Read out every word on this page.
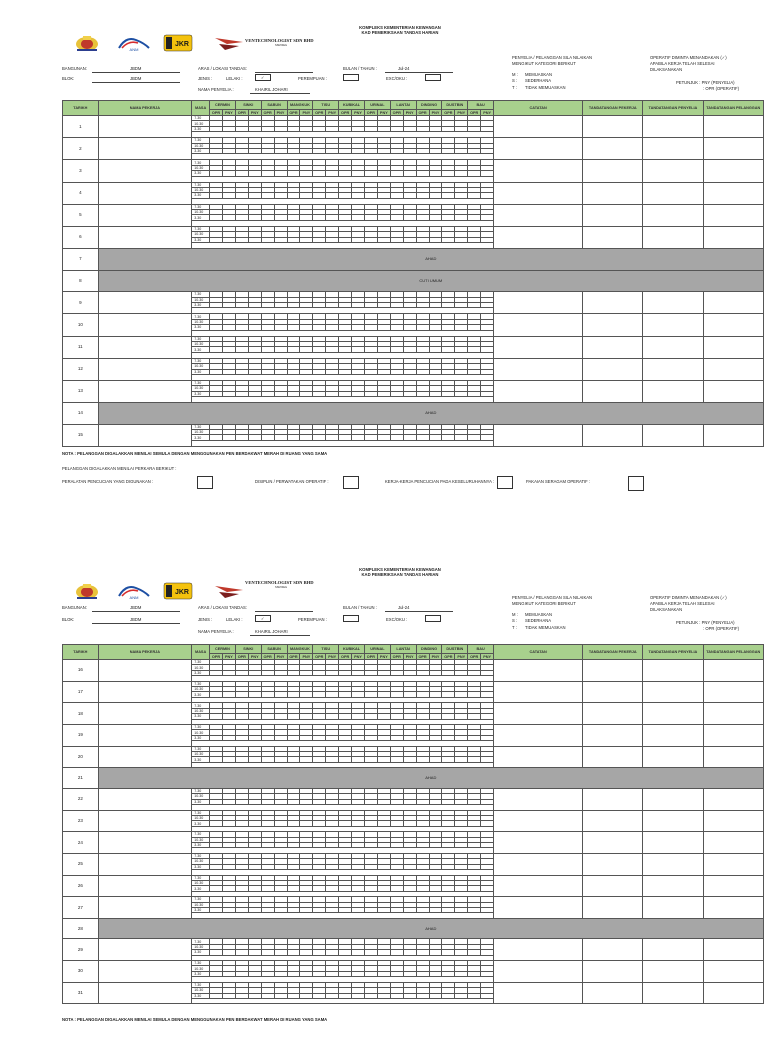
ANM
JKR
VENTECHNOLOGIST SDN BHD
SSM REG
KOMPLEKS KEMENTERIAN KEWANGAN
KAD PEMERIKSAAN TANDAS HARIAN
BANGUNAN:	JBDM
BLOK:	JBDM
ARAS / LOKASI TANDAS:
JENIS :	LELAKI :	✓	PEREMPUAN :	EXC/OKU :
NAMA PENYELIA :	KHAIRIL JOHARI
BULAN / TAHUN :	Jul-24
PENYELIA / PELANGGAN SILA NILAIKAN
MENGIKUT KATEGORI BERIKUT
M : MEMUASKAN
S : SEDERHANA
T : TIDAK MEMUASKAN
OPERATIF DIMINTA MENANDAKAN (✓)
APABILA KERJA TELAH SELESAI
DILAKSANAKAN
PETUNJUK : PNY (PENYELIA)
: OPR (OPERATIF)
TARIKH	NAMA PEKERJA	MASA	CERMIN		SINKI		SABUN		MANGKUK		TISU		KUBIKAL		URINAL		LANTAI		DINDING		DUSTBIN		BAU		CATATAN	TANDATANGAN PEKERJA	TANDATANGAN PENYELIA	TANDATANGAN PELANGGAN
			OPR	PNY	OPR	PNY	OPR	PNY	OPR	PNY	OPR	PNY	OPR	PNY	OPR	PNY	OPR	PNY	OPR	PNY	OPR	PNY	OPR	PNY				
1		7.30																										
		10.30																										
		3.30																										

2		7.30																										
		10.30																										
		3.30																										

3		7.30																										
		10.30																										
		3.30																										

4		7.30																										
		10.30																										
		3.30																										

5		7.30																										
		10.30																										
		3.30																										

6		7.30																										
		10.30																										
		3.30																										

7	AHAD																											
8	CUTI UMUM																											
9		7.30																										
		10.30																										
		3.30																										

10		7.30																										
		10.30																										
		3.30																										

11		7.30																										
		10.30																										
		3.30																										

12		7.30																										
		10.30																										
		3.30																										

13		7.30																										
		10.30																										
		3.30																										

14	AHAD																											
15		7.30																										
		10.30																										
		3.30																										

NOTA : PELANGGAN DIGALAKKAN MENILAI SEMULA DENGAN MENGGUNAKAN PEN BERDAKWAT MERAH DI RUANG YANG SAMA
PELANGGAN DIGALAKKAN MENILAI PERKARA BERIKUT :
PERALATAN PENCUCIAN YANG DIGUNAKAN :	DISIPLIN / PERWATAKAN OPERATIF :	KERJA-KERJA PENCUCIAN PADA KESELURUHANNYA :	PAKAIAN SERAGAM OPERATIF :
ANM
JKR
VENTECHNOLOGIST SDN BHD
SSM REG
KOMPLEKS KEMENTERIAN KEWANGAN
KAD PEMERIKSAAN TANDAS HARIAN
BANGUNAN:	JBDM
BLOK:	JBDM
ARAS / LOKASI TANDAS:
JENIS :	LELAKI :	✓	PEREMPUAN :	EXC/OKU :
NAMA PENYELIA :	KHAIRIL JOHARI
BULAN / TAHUN :	Jul-24
PENYELIA / PELANGGAN SILA NILAIKAN
MENGIKUT KATEGORI BERIKUT
M : MEMUASKAN
S : SEDERHANA
T : TIDAK MEMUASKAN
OPERATIF DIMINTA MENANDAKAN (✓)
APABILA KERJA TELAH SELESAI
DILAKSANAKAN
PETUNJUK : PNY (PENYELIA)
: OPR (OPERATIF)
TARIKH	NAMA PEKERJA	MASA	CERMIN		SINKI		SABUN		MANGKUK		TISU		KUBIKAL		URINAL		LANTAI		DINDING		DUSTBIN		BAU		CATATAN	TANDATANGAN PEKERJA	TANDATANGAN PENYELIA	TANDATANGAN PELANGGAN
			OPR	PNY	OPR	PNY	OPR	PNY	OPR	PNY	OPR	PNY	OPR	PNY	OPR	PNY	OPR	PNY	OPR	PNY	OPR	PNY	OPR	PNY				
16		7.30																										
		10.30																										
		3.30																										

17		7.30																										
		10.30																										
		3.30																										

18		7.30																										
		10.30																										
		3.30																										

19		7.30																										
		10.30																										
		3.30																										

20		7.30																										
		10.30																										
		3.30																										

21	AHAD																											
22		7.30																										
		10.30																										
		3.30																										

23		7.30																										
		10.30																										
		3.30																										

24		7.30																										
		10.30																										
		3.30																										

25		7.30																										
		10.30																										
		3.30																										

26		7.30																										
		10.30																										
		3.30																										

27		7.30																										
		10.30																										
		3.30																										

28	AHAD																											
29		7.30																										
		10.30																										
		3.30																										

30		7.30																										
		10.30																										
		3.30																										

31		7.30																										
		10.30																										
		3.30																										

NOTA : PELANGGAN DIGALAKKAN MENILAI SEMULA DENGAN MENGGUNAKAN PEN BERDAKWAT MERAH DI RUANG YANG SAMA
